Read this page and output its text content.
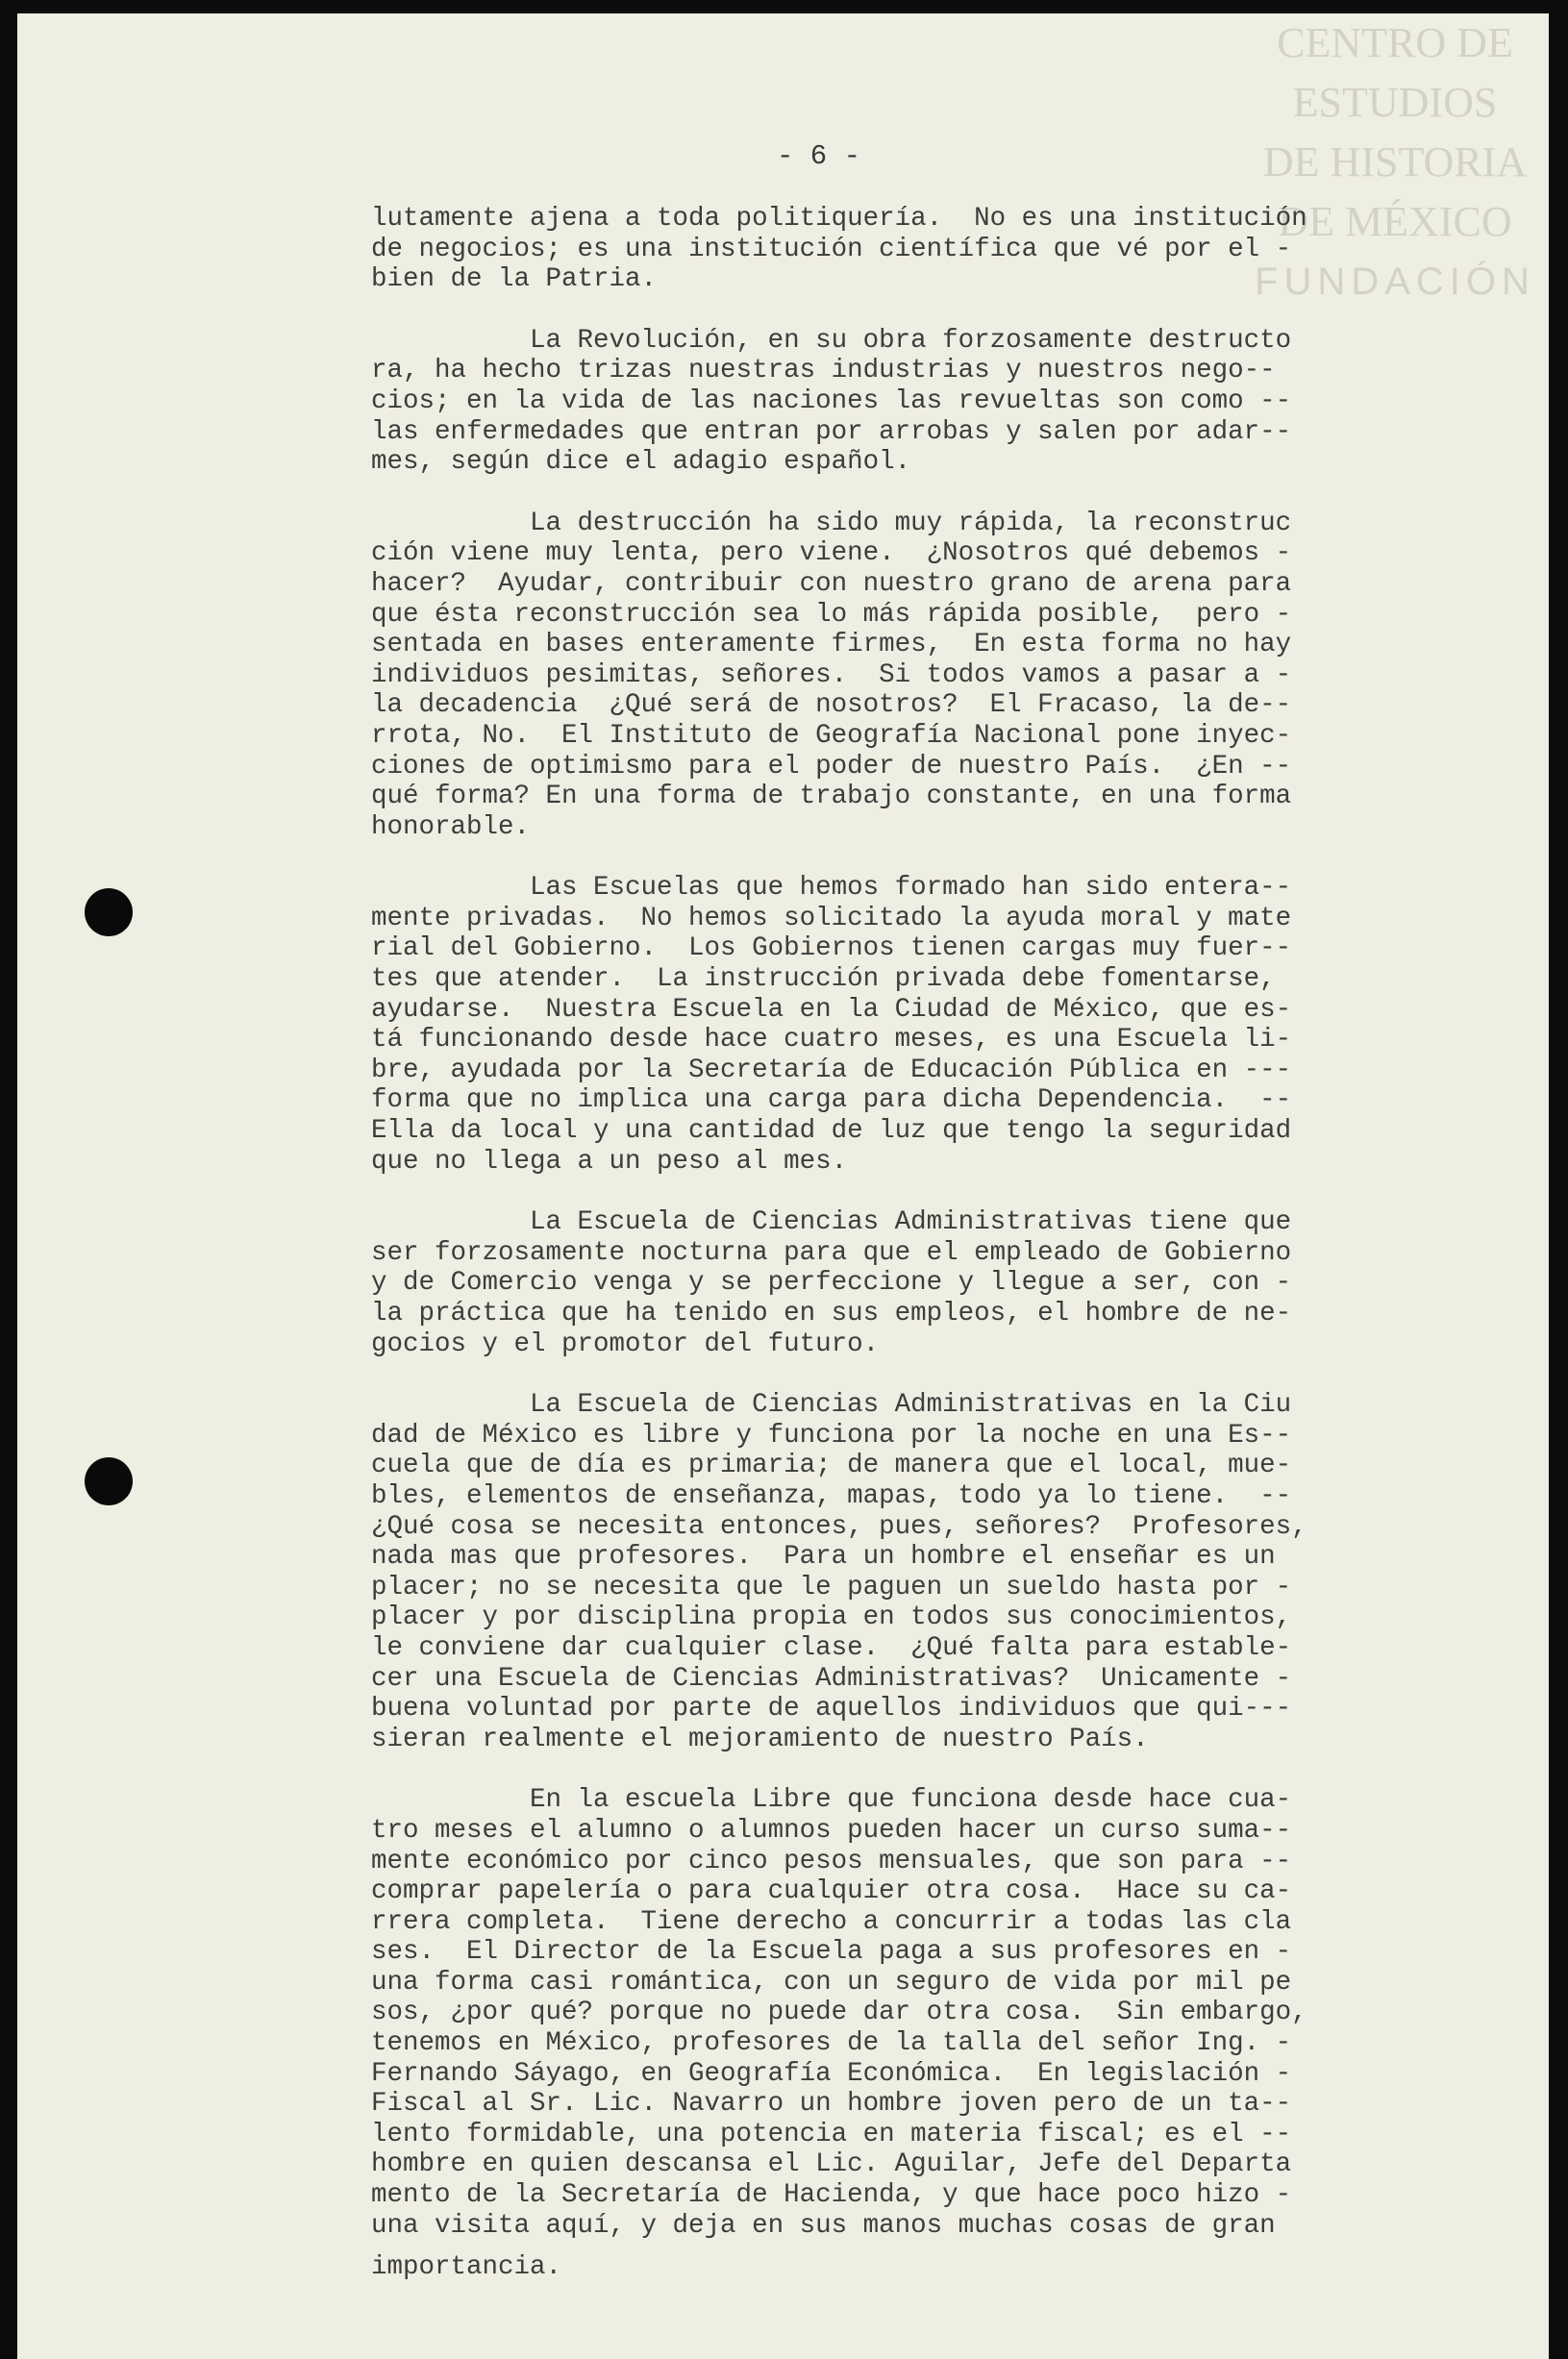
CENTRO DE
ESTUDIOS
DE HISTORIA
DE MÉXICO
FUNDACIÓN
- 6 -

lutamente ajena a toda politiquería.  No es una institución
de negocios; es una institución científica que vé por el -
bien de la Patria.

La Revolución, en su obra forzosamente destructo
ra, ha hecho trizas nuestras industrias y nuestros nego--
cios; en la vida de las naciones las revueltas son como --
las enfermedades que entran por arrobas y salen por adar--
mes, según dice el adagio español.

La destrucción ha sido muy rápida, la reconstruc
ción viene muy lenta, pero viene.  ¿Nosotros qué debemos -
hacer?  Ayudar, contribuir con nuestro grano de arena para
que ésta reconstrucción sea lo más rápida posible,  pero -
sentada en bases enteramente firmes,  En esta forma no hay
individuos pesimitas, señores.  Si todos vamos a pasar a -
la decadencia  ¿Qué será de nosotros?  El Fracaso, la de--
rrota, No.  El Instituto de Geografía Nacional pone inyec-
ciones de optimismo para el poder de nuestro País.  ¿En --
qué forma? En una forma de trabajo constante, en una forma
honorable.

Las Escuelas que hemos formado han sido entera--
mente privadas.  No hemos solicitado la ayuda moral y mate
rial del Gobierno.  Los Gobiernos tienen cargas muy fuer--
tes que atender.  La instrucción privada debe fomentarse,
ayudarse.  Nuestra Escuela en la Ciudad de México, que es-
tá funcionando desde hace cuatro meses, es una Escuela li-
bre, ayudada por la Secretaría de Educación Pública en ---
forma que no implica una carga para dicha Dependencia.  --
Ella da local y una cantidad de luz que tengo la seguridad
que no llega a un peso al mes.

La Escuela de Ciencias Administrativas tiene que
ser forzosamente nocturna para que el empleado de Gobierno
y de Comercio venga y se perfeccione y llegue a ser, con -
la práctica que ha tenido en sus empleos, el hombre de ne-
gocios y el promotor del futuro.

La Escuela de Ciencias Administrativas en la Ciu
dad de México es libre y funciona por la noche en una Es--
cuela que de día es primaria; de manera que el local, mue-
bles, elementos de enseñanza, mapas, todo ya lo tiene.  --
¿Qué cosa se necesita entonces, pues, señores?  Profesores,
nada mas que profesores.  Para un hombre el enseñar es un
placer; no se necesita que le paguen un sueldo hasta por -
placer y por disciplina propia en todos sus conocimientos,
le conviene dar cualquier clase.  ¿Qué falta para estable-
cer una Escuela de Ciencias Administrativas?  Unicamente -
buena voluntad por parte de aquellos individuos que qui---
sieran realmente el mejoramiento de nuestro País.

En la escuela Libre que funciona desde hace cua-
tro meses el alumno o alumnos pueden hacer un curso suma--
mente económico por cinco pesos mensuales, que son para --
comprar papelería o para cualquier otra cosa.  Hace su ca-
rrera completa.  Tiene derecho a concurrir a todas las cla
ses.  El Director de la Escuela paga a sus profesores en -
una forma casi romántica, con un seguro de vida por mil pe
sos, ¿por qué? porque no puede dar otra cosa.  Sin embargo,
tenemos en México, profesores de la talla del señor Ing. -
Fernando Sáyago, en Geografía Económica.  En legislación -
Fiscal al Sr. Lic. Navarro un hombre joven pero de un ta--
lento formidable, una potencia en materia fiscal; es el --
hombre en quien descansa el Lic. Aguilar, Jefe del Departa
mento de la Secretaría de Hacienda, y que hace poco hizo -
una visita aquí, y deja en sus manos muchas cosas de gran

importancia.
